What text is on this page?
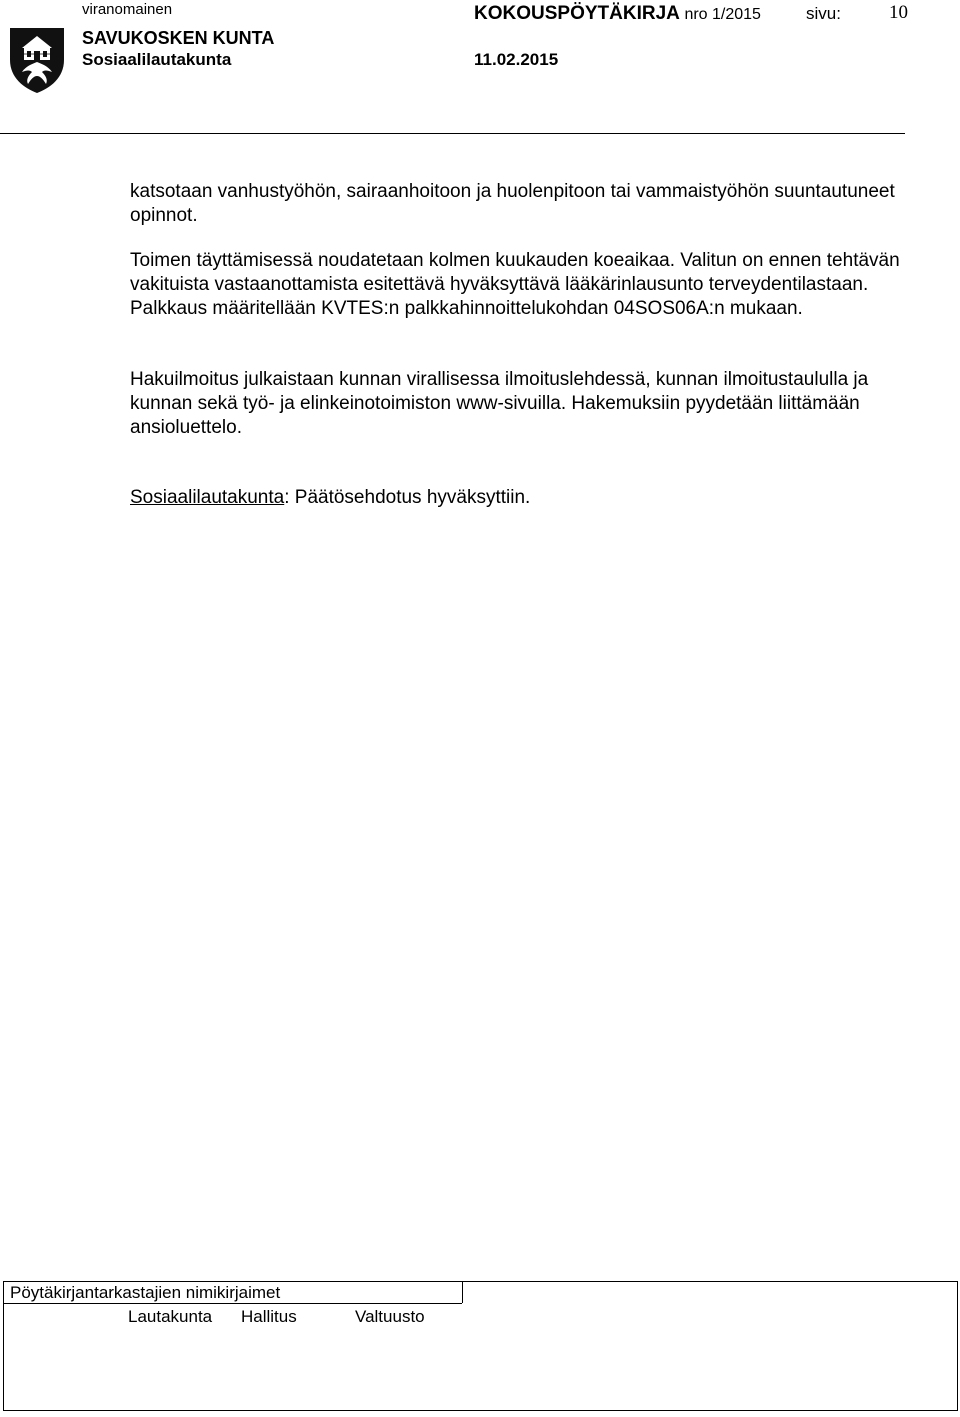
viranomainen	KOKOUSPÖYTÄKIRJA nro 1/2015	sivu:	10
SAVUKOSKEN KUNTA
Sosiaalilautakunta	11.02.2015

katsotaan vanhustyöhön, sairaanhoitoon ja huolenpitoon tai vammaistyöhön suuntautuneet opinnot.

Toimen täyttämisessä noudatetaan kolmen kuukauden koeaikaa. Valitun on ennen tehtävän vakituista vastaanottamista esitettävä hyväksyttävä lääkärinlausunto terveydentilastaan. Palkkaus määritellään KVTES:n palkkahinnoittelukohdan 04SOS06A:n mukaan.

Hakuilmoitus julkaistaan kunnan virallisessa ilmoituslehdessä, kunnan ilmoitustaululla ja kunnan sekä työ- ja elinkeinotoimiston www-sivuilla. Hakemuksiin pyydetään liittämään ansioluettelo.

Sosiaalilautakunta: Päätösehdotus hyväksyttiin.

Pöytäkirjantarkastajien nimikirjaimet
Lautakunta Hallitus	Valtuusto
